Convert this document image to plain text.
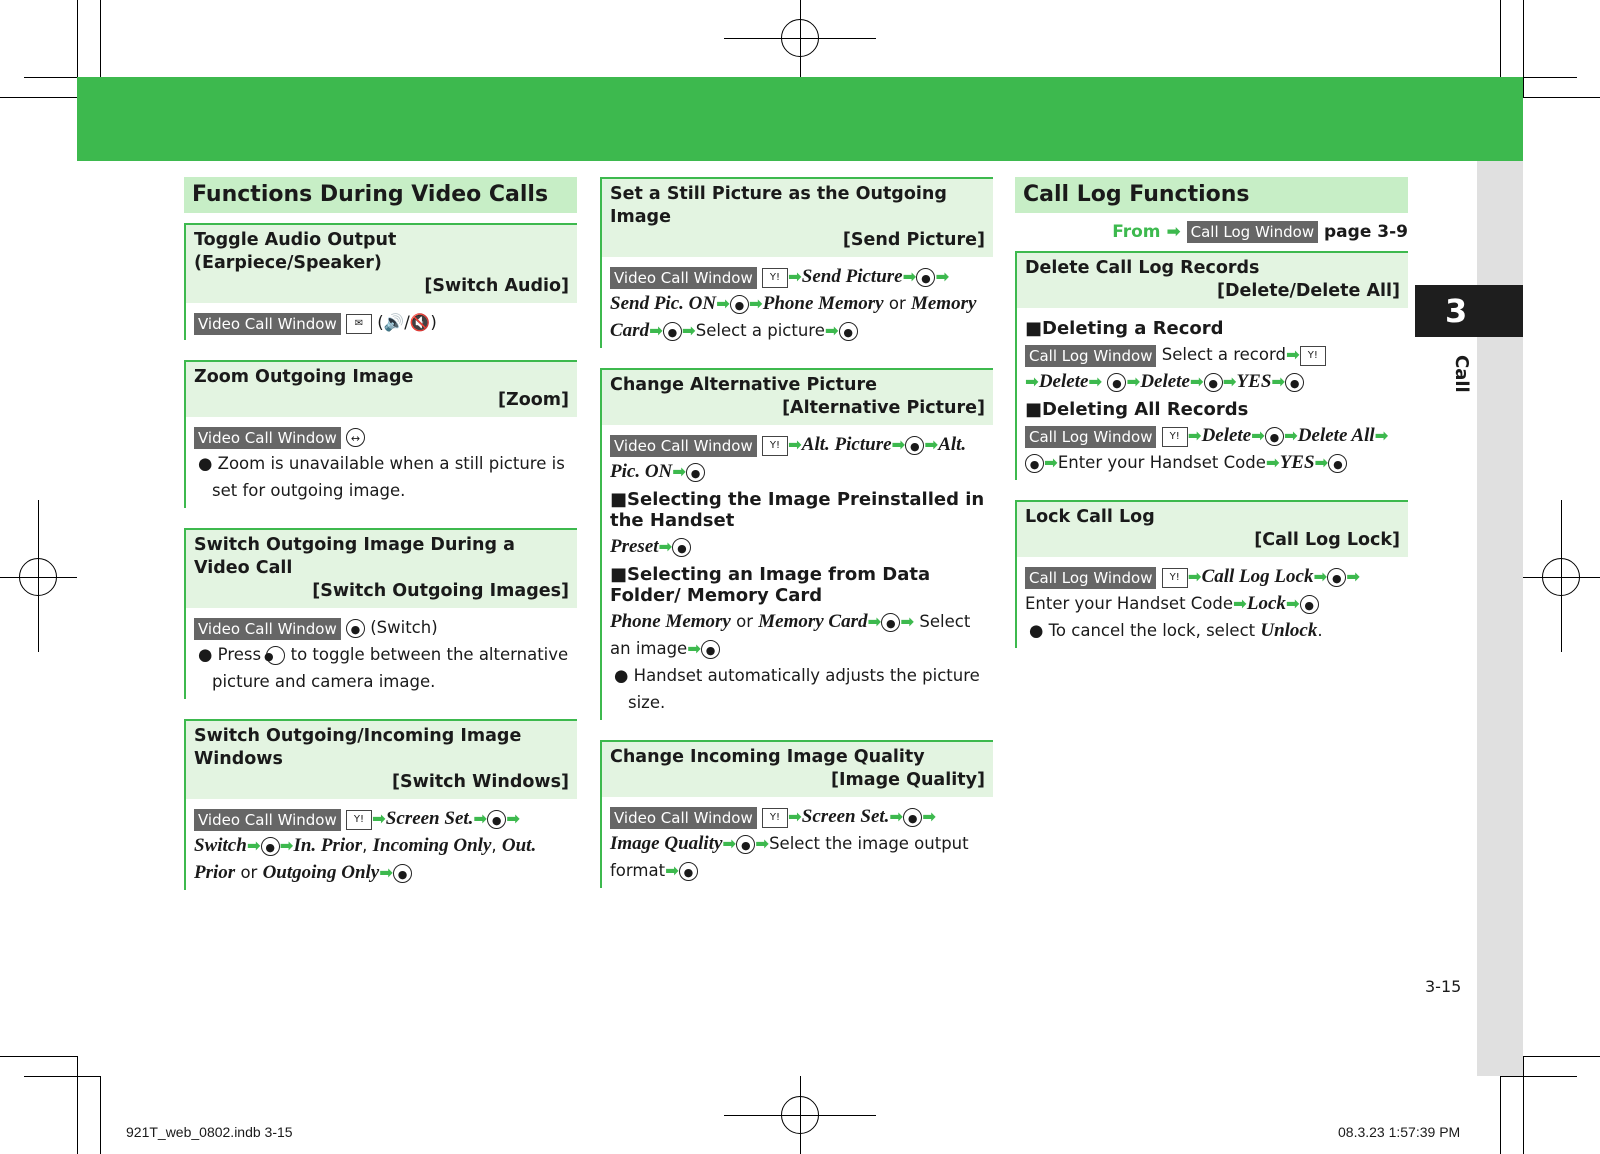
3
Call
3-15
921T_web_0802.indb 3-15	08.3.23 1:57:39 PM
Functions During Video Calls
Toggle Audio Output (Earpiece/Speaker)
[Switch Audio]
Video Call Window ✉ (🔊/🔇)
Zoom Outgoing Image
[Zoom]
Video Call Window ↔
● Zoom is unavailable when a still picture is set for outgoing image.
Switch Outgoing Image During a Video Call
[Switch Outgoing Images]
Video Call Window ● (Switch)
● Press ● to toggle between the alternative picture and camera image.
Switch Outgoing/Incoming Image Windows
[Switch Windows]
Video Call Window Y! ➡Screen Set.➡ ● ➡ Switch➡ ● ➡In. Prior, Incoming Only, Out. Prior or Outgoing Only➡ ●
Set a Still Picture as the Outgoing Image
[Send Picture]
Video Call Window Y! ➡Send Picture➡ ● ➡ Send Pic. ON➡ ● ➡Phone Memory or Memory Card➡ ● ➡Select a picture➡ ●
Change Alternative Picture
[Alternative Picture]
Video Call Window Y! ➡Alt. Picture➡ ● ➡Alt. Pic. ON➡ ●
■Selecting the Image Preinstalled in the Handset
Preset➡ ●
■Selecting an Image from Data Folder/ Memory Card
Phone Memory or Memory Card➡ ● ➡ Select an image➡ ●
● Handset automatically adjusts the picture size.
Change Incoming Image Quality
[Image Quality]
Video Call Window Y! ➡Screen Set.➡ ● ➡ Image Quality➡ ● ➡Select the image output format➡ ●
Call Log Functions
From ➡ Call Log Window page 3-9
Delete Call Log Records
[Delete/Delete All]
■Deleting a Record
Call Log Window Select a record➡ Y!➡Delete➡ ● ➡Delete➡ ● ➡YES➡ ●
■Deleting All Records
Call Log Window Y! ➡Delete➡ ● ➡Delete All➡● ➡Enter your Handset Code➡YES➡ ●
Lock Call Log
[Call Log Lock]
Call Log Window Y! ➡Call Log Lock➡ ● ➡ Enter your Handset Code➡Lock➡ ●
● To cancel the lock, select Unlock.
